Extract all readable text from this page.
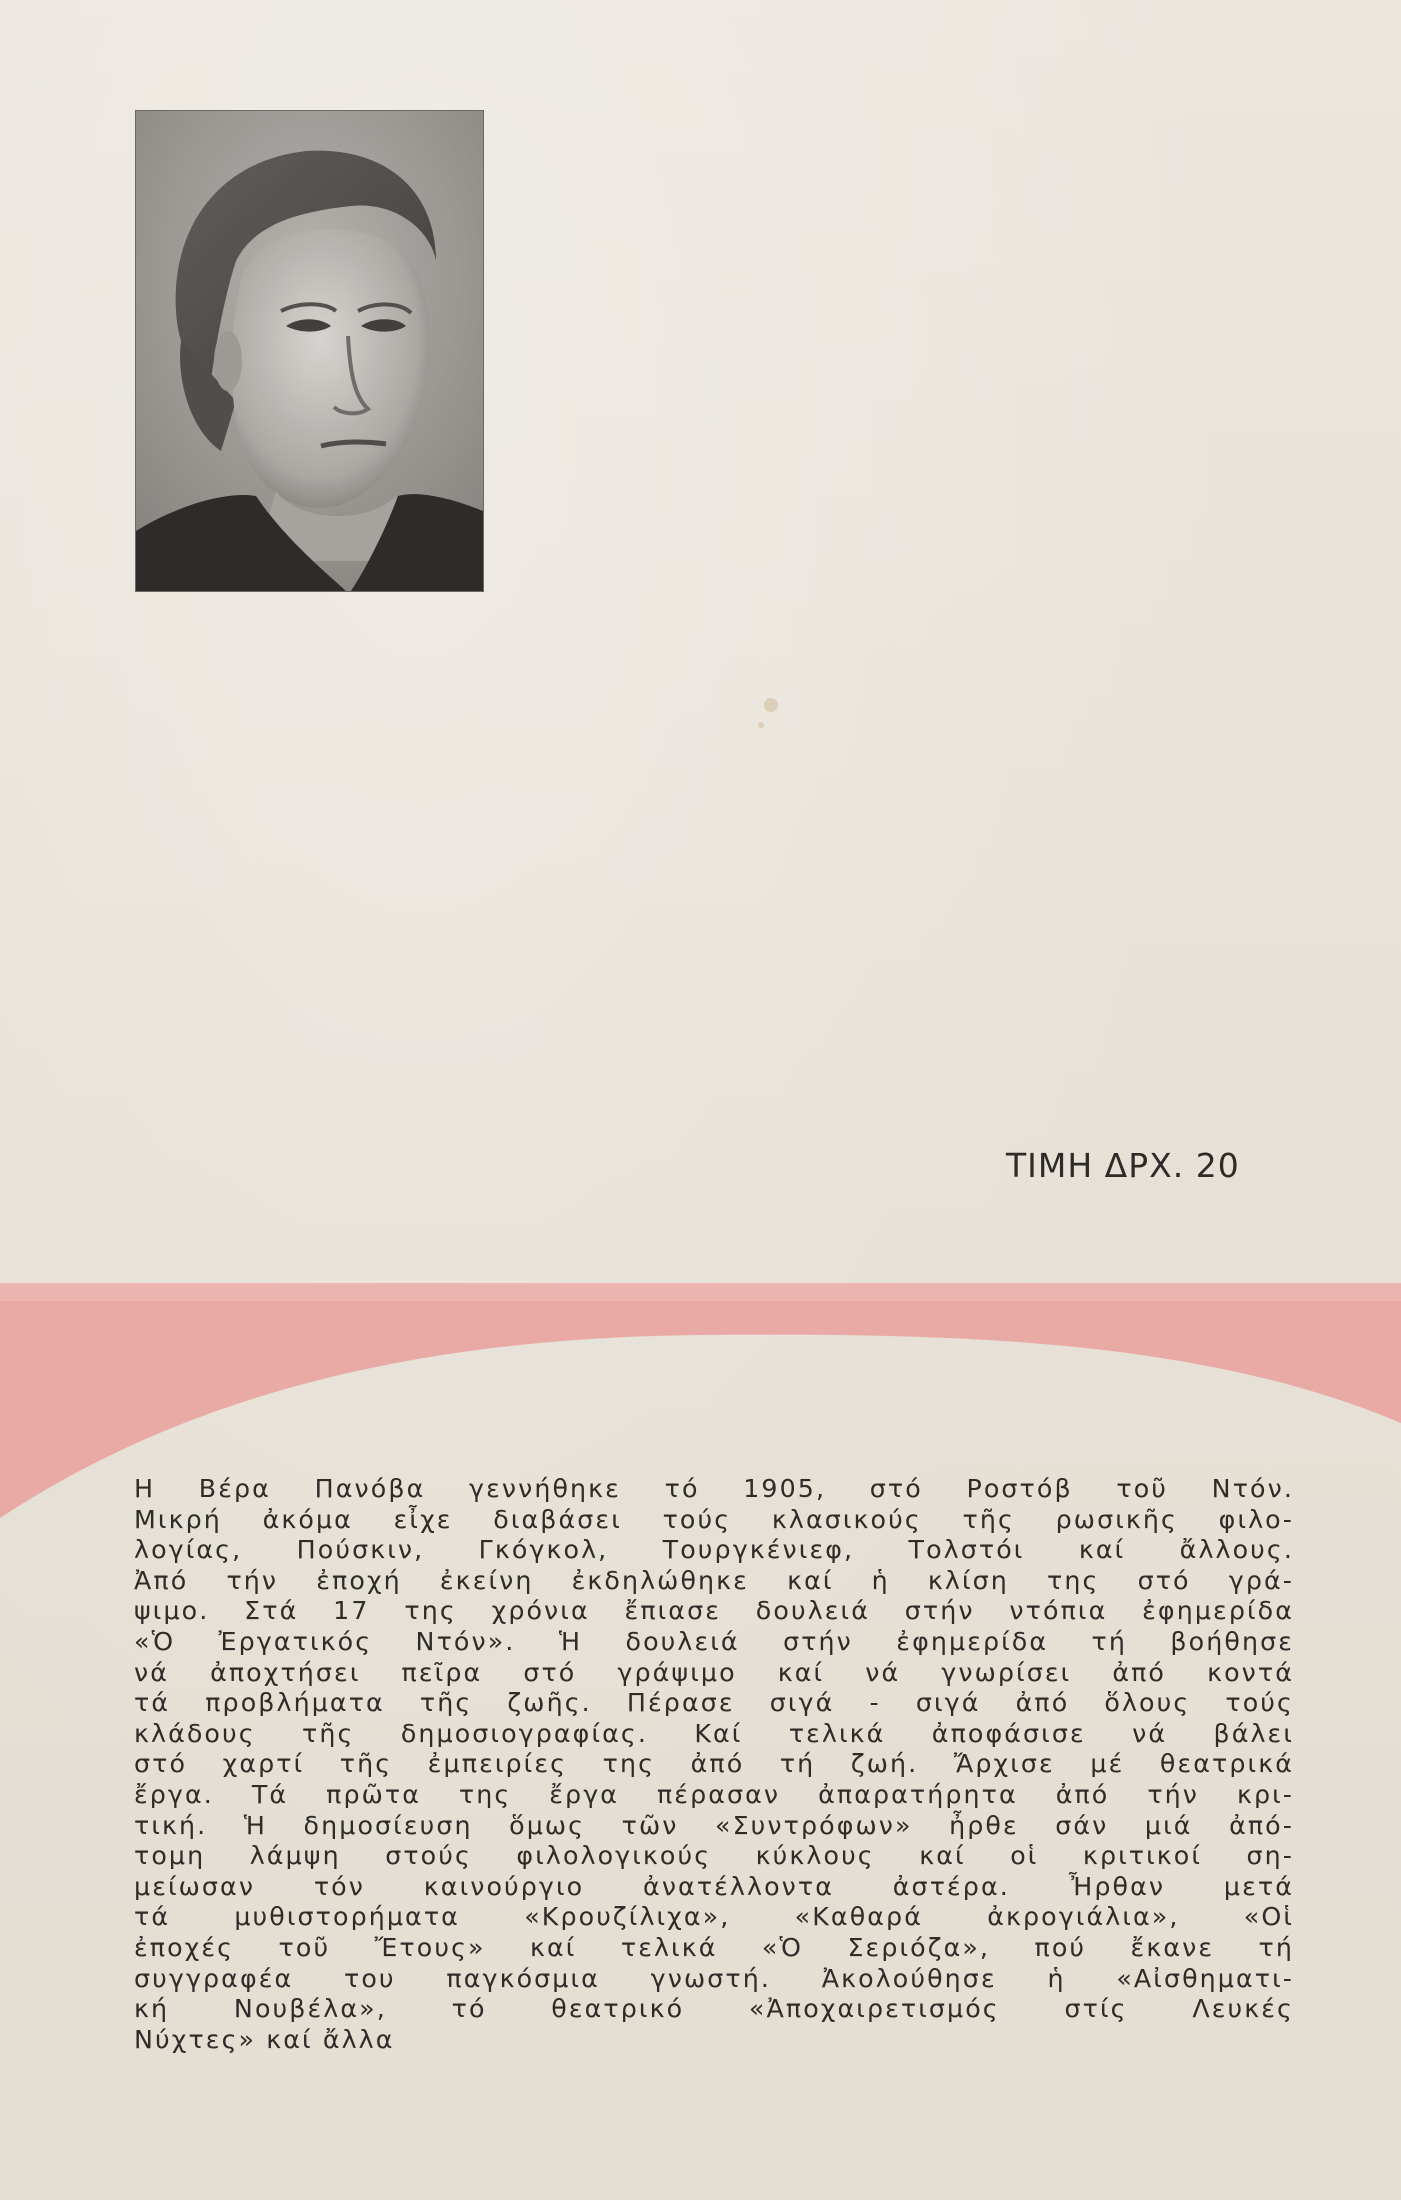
ΤΙΜΗ ΔΡΧ. 20
Η Βέρα Πανόβα γεννήθηκε τό 1905, στό Ροστόβ τοῦ Ντόν.
Μικρή ἀκόμα εἶχε διαβάσει τούς κλασικούς τῆς ρωσικῆς φιλο-
λογίας, Πούσκιν, Γκόγκολ, Τουργκένιεφ, Τολστόι καί ἄλλους.
Ἀπό τήν ἐποχή ἐκείνη ἐκδηλώθηκε καί ἡ κλίση της στό γρά-
ψιμο. Στά 17 της χρόνια ἔπιασε δουλειά στήν ντόπια ἐφημερίδα
«Ὁ Ἐργατικός Ντόν». Ἡ δουλειά στήν ἐφημερίδα τή βοήθησε
νά ἀποχτήσει πεῖρα στό γράψιμο καί νά γνωρίσει ἀπό κοντά
τά προβλήματα τῆς ζωῆς. Πέρασε σιγά - σιγά ἀπό ὅλους τούς
κλάδους τῆς δημοσιογραφίας. Καί τελικά ἀποφάσισε νά βάλει
στό χαρτί τῆς ἐμπειρίες της ἀπό τή ζωή. Ἄρχισε μέ θεατρικά
ἔργα. Τά πρῶτα της ἔργα πέρασαν ἀπαρατήρητα ἀπό τήν κρι-
τική. Ἡ δημοσίευση ὅμως τῶν «Συντρόφων» ἦρθε σάν μιά ἀπό-
τομη λάμψη στούς φιλολογικούς κύκλους καί οἱ κριτικοί ση-
μείωσαν τόν καινούργιο ἀνατέλλοντα ἀστέρα. Ἦρθαν μετά
τά μυθιστορήματα «Κρουζίλιχα», «Καθαρά ἀκρογιάλια», «Οἱ
ἐποχές τοῦ Ἔτους» καί τελικά «Ὁ Σεριόζα», πού ἔκανε τή
συγγραφέα του παγκόσμια γνωστή. Ἀκολούθησε ἡ «Αἰσθηματι-
κή Νουβέλα», τό θεατρικό «Ἀποχαιρετισμός στίς Λευκές
Νύχτες» καί ἄλλα
